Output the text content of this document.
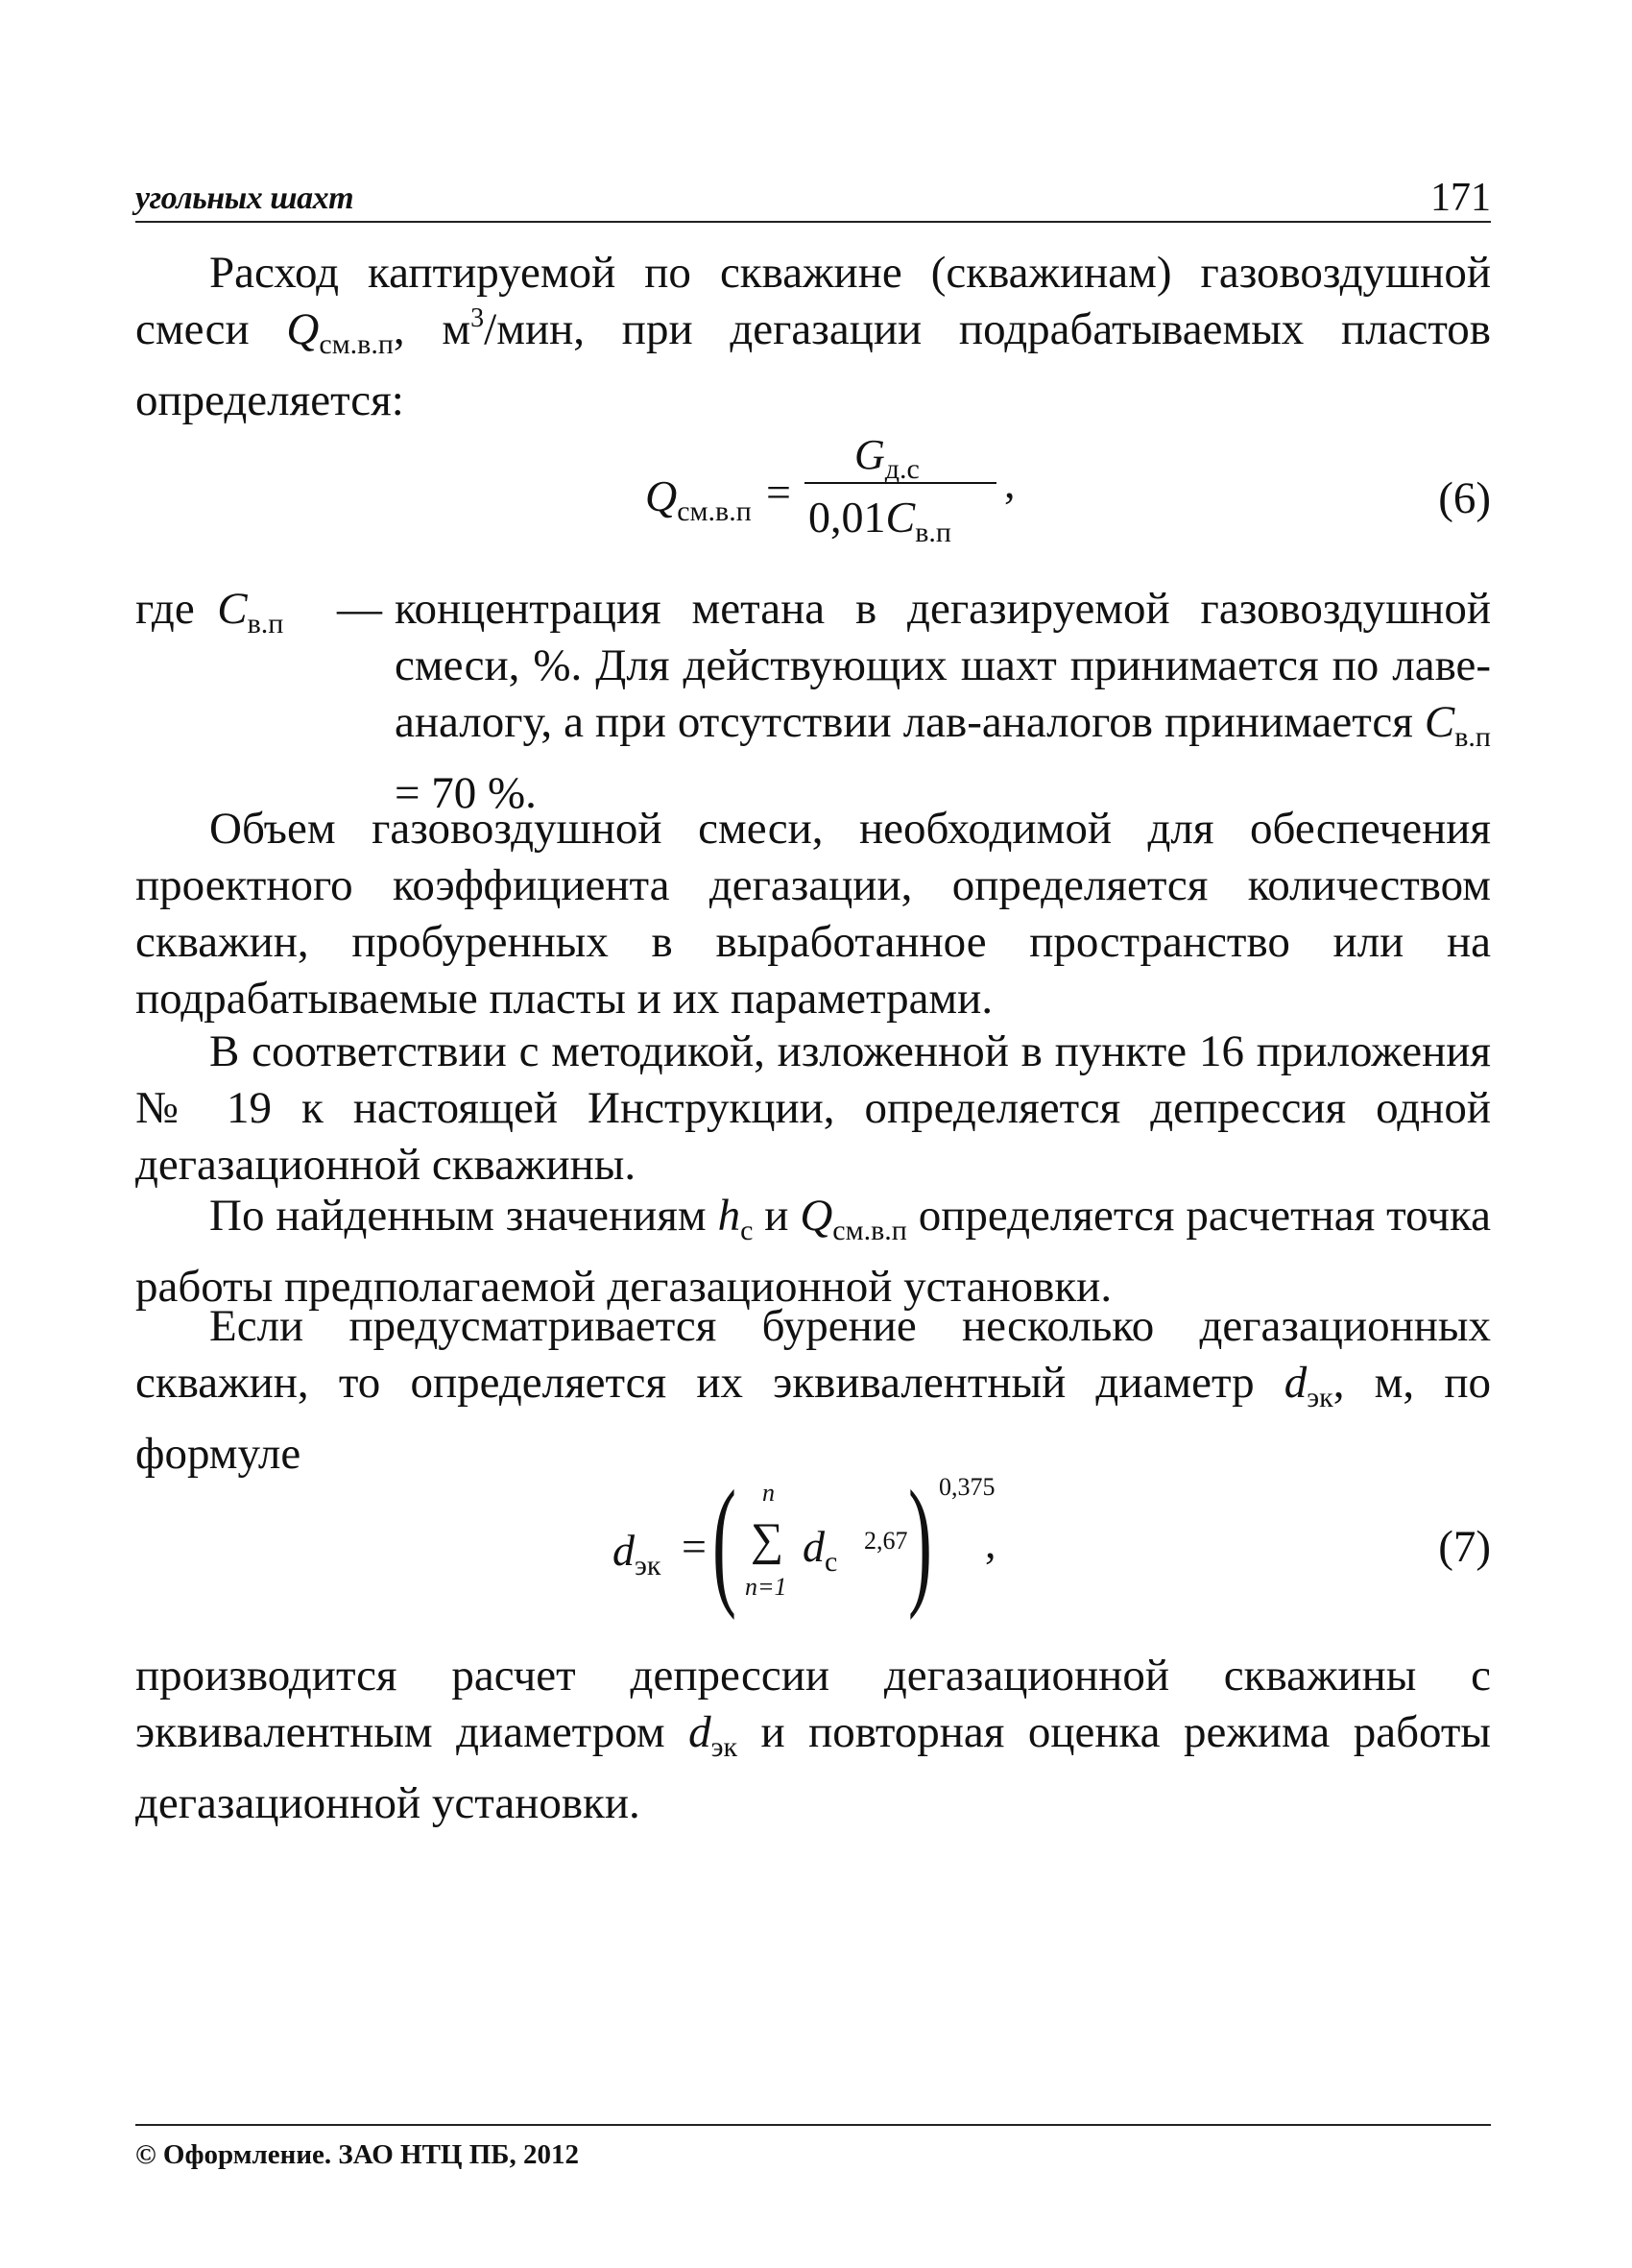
угольных шахт	171

Расход каптируемой по скважине (скважинам) газовоздушной смеси $Q_{см.в.п}$, $м^3$/мин, при дегазации подрабатываемых пластов определяется:

$Q_{см.в.п}$ =
$G_{д.с}$
$0,01C_{в.п}$
,	(6)
где $C_{в.п}$ — концентрация метана в дегазируемой газовоздушной смеси, %. Для действующих шахт принимается по лаве-аналогу, а при отсутствии лав-аналогов принимается $C_{в.п} = 70$ %.

Объем газовоздушной смеси, необходимой для обеспечения проектного коэффициента дегазации, определяется количеством скважин, пробуренных в выработанное пространство или на подрабатываемые пласты и их параметрами.

В соответствии с методикой, изложенной в пункте 16 приложения № 19 к настоящей Инструкции, определяется депрессия одной дегазационной скважины.

По найденным значениям $h_с$ и $Q_{см.в.п}$ определяется расчетная точка работы предполагаемой дегазационной установки.

Если предусматривается бурение несколько дегазационных скважин, то определяется их эквивалентный диаметр $d_{эк}$, м, по формуле

$d_{эк}$ = ( n
∑
n=1
$d_с$
2,67 ) 0,375
,	(7)

производится расчет депрессии дегазационной скважины с эквивалентным диаметром $d_{эк}$ и повторная оценка режима работы дегазационной установки.

© Оформление. ЗАО НТЦ ПБ, 2012
